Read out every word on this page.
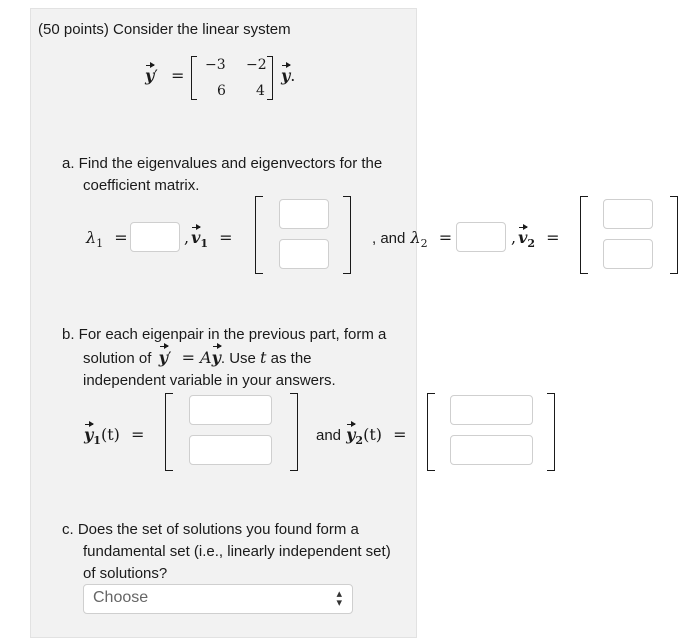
(50 points) Consider the linear system
y′ =
−3 −2
6 4
y.
a. Find the eigenvalues and eigenvectors for the
coefficient matrix.
$\lambda_1$ =	, $v_1$ =	, and $\lambda_2$ =	, $v_2$ =
b. For each eigenpair in the previous part, form a
solution of y′ = Ay. Use t as the
independent variable in your answers.
$y_1(t)$ =	and $y_2(t)$ =
c. Does the set of solutions you found form a
fundamental set (i.e., linearly independent set)
of solutions?
Choose	▴
▾
